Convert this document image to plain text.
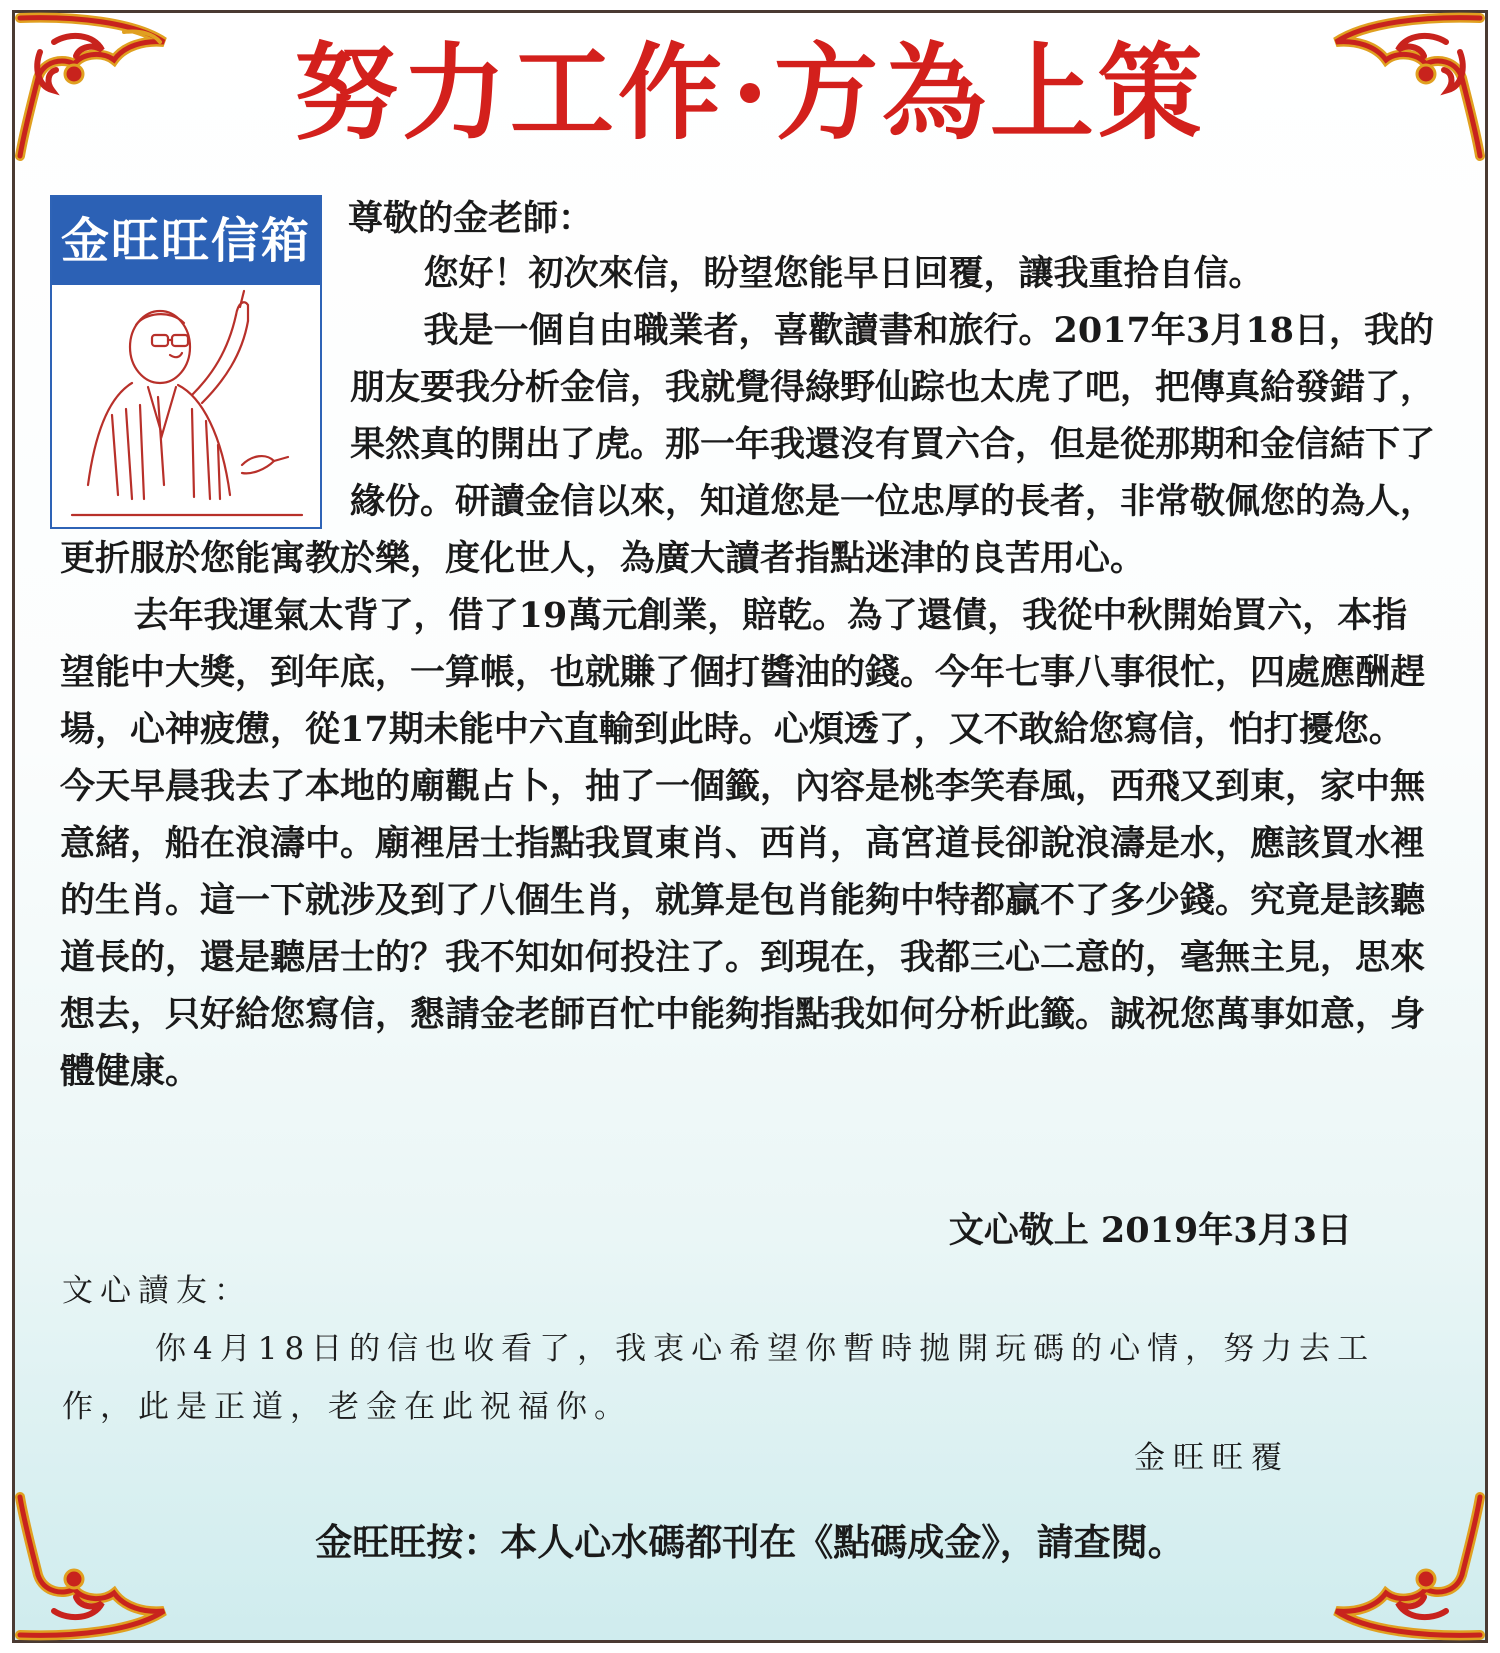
努力工作 方為上策
金旺旺信箱 尊敬的金老師：

您好！初次來信，盼望您能早日回覆，讓我重拾自信。

我是一個自由職業者，喜歡讀書和旅行。2017年3月18日，我的朋友要我分析金信，我就覺得綠野仙踪也太虎了吧，把傳真給發錯了，果然真的開出了虎。那一年我還沒有買六合，但是從那期和金信結下了緣份。研讀金信以來，知道您是一位忠厚的長者，非常敬佩您的為人，更折服於您能寓教於樂，度化世人，為廣大讀者指點迷津的良苦用心。

去年我運氣太背了，借了19萬元創業，賠乾。為了還債，我從中秋開始買六，本指望能中大獎，到年底，一算帳，也就賺了個打醬油的錢。今年七事八事很忙，四處應酬趕場，心神疲憊，從17期未能中六直輸到此時。心煩透了，又不敢給您寫信，怕打擾您。今天早晨我去了本地的廟觀占卜，抽了一個籤，內容是桃李笑春風，西飛又到東，家中無意緒，船在浪濤中。廟裡居士指點我買東肖、西肖，高宮道長卻說浪濤是水，應該買水裡的生肖。這一下就涉及到了八個生肖，就算是包肖能夠中特都贏不了多少錢。究竟是該聽道長的，還是聽居士的？我不知如何投注了。到現在，我都三心二意的，毫無主見，思來想去，只好給您寫信，懇請金老師百忙中能夠指點我如何分析此籤。誠祝您萬事如意，身體健康。

文心敬上 2019年3月3日

文心讀友：

你4月18日的信也收看了，我衷心希望你暫時拋開玩碼的心情，努力去工作，此是正道，老金在此祝福你。

金旺旺覆
金旺旺按：本人心水碼都刊在《點碼成金》，請查閱。
